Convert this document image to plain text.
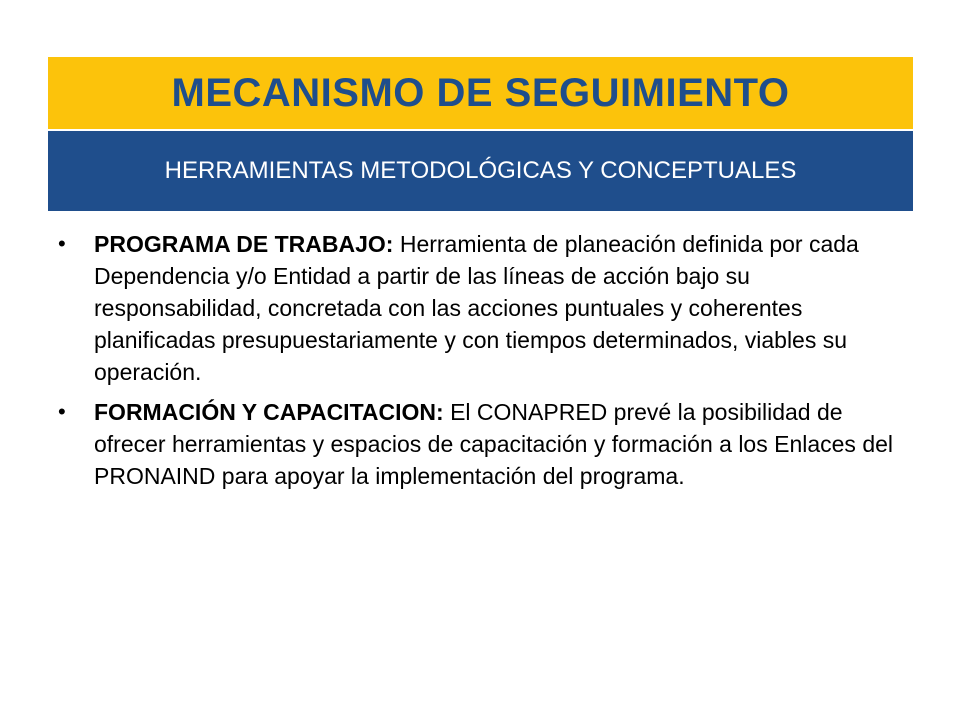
MECANISMO DE SEGUIMIENTO
HERRAMIENTAS METODOLÓGICAS Y CONCEPTUALES
• PROGRAMA DE TRABAJO: Herramienta de planeación definida por cada Dependencia y/o Entidad a partir de las líneas de acción bajo su responsabilidad, concretada con las acciones puntuales y coherentes planificadas presupuestariamente y con tiempos determinados, viables su operación.
• FORMACIÓN Y CAPACITACION: El CONAPRED prevé la posibilidad de ofrecer herramientas y espacios de capacitación y formación a los Enlaces del PRONAIND para apoyar la implementación del programa.
